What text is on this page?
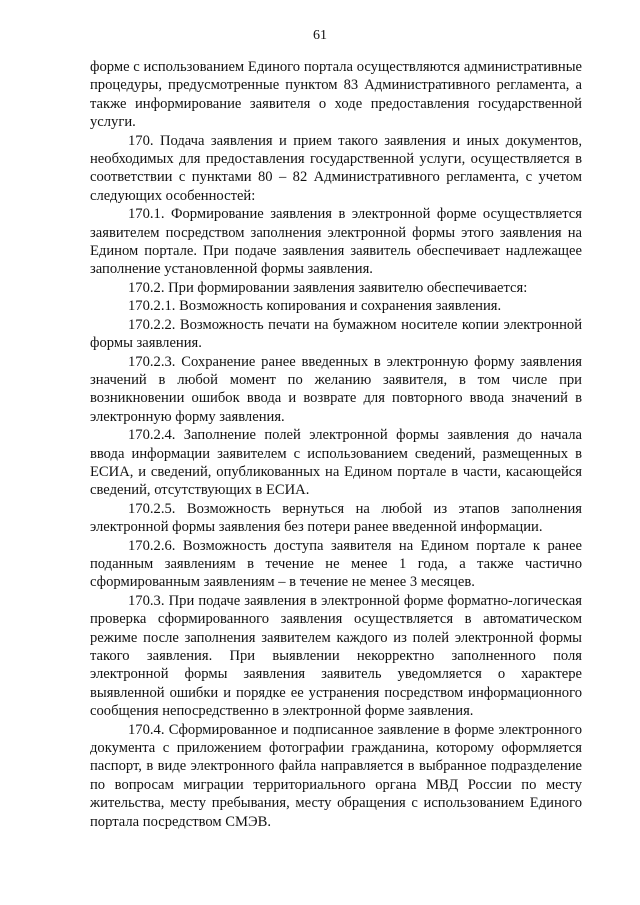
61

форме с использованием Единого портала осуществляются административные процедуры, предусмотренные пунктом 83 Административного регламента, а также информирование заявителя о ходе предоставления государственной услуги.

170. Подача заявления и прием такого заявления и иных документов, необходимых для предоставления государственной услуги, осуществляется в соответствии с пунктами 80 – 82 Административного регламента, с учетом следующих особенностей:

170.1. Формирование заявления в электронной форме осуществляется заявителем посредством заполнения электронной формы этого заявления на Едином портале. При подаче заявления заявитель обеспечивает надлежащее заполнение установленной формы заявления.

170.2. При формировании заявления заявителю обеспечивается:

170.2.1. Возможность копирования и сохранения заявления.

170.2.2. Возможность печати на бумажном носителе копии электронной формы заявления.

170.2.3. Сохранение ранее введенных в электронную форму заявления значений в любой момент по желанию заявителя, в том числе при возникновении ошибок ввода и возврате для повторного ввода значений в электронную форму заявления.

170.2.4. Заполнение полей электронной формы заявления до начала ввода информации заявителем с использованием сведений, размещенных в ЕСИА, и сведений, опубликованных на Едином портале в части, касающейся сведений, отсутствующих в ЕСИА.

170.2.5. Возможность вернуться на любой из этапов заполнения электронной формы заявления без потери ранее введенной информации.

170.2.6. Возможность доступа заявителя на Едином портале к ранее поданным заявлениям в течение не менее 1 года, а также частично сформированным заявлениям – в течение не менее 3 месяцев.

170.3. При подаче заявления в электронной форме форматно-логическая проверка сформированного заявления осуществляется в автоматическом режиме после заполнения заявителем каждого из полей электронной формы такого заявления. При выявлении некорректно заполненного поля электронной формы заявления заявитель уведомляется о характере выявленной ошибки и порядке ее устранения посредством информационного сообщения непосредственно в электронной форме заявления.

170.4. Сформированное и подписанное заявление в форме электронного документа с приложением фотографии гражданина, которому оформляется паспорт, в виде электронного файла направляется в выбранное подразделение по вопросам миграции территориального органа МВД России по месту жительства, месту пребывания, месту обращения с использованием Единого портала посредством СМЭВ.
